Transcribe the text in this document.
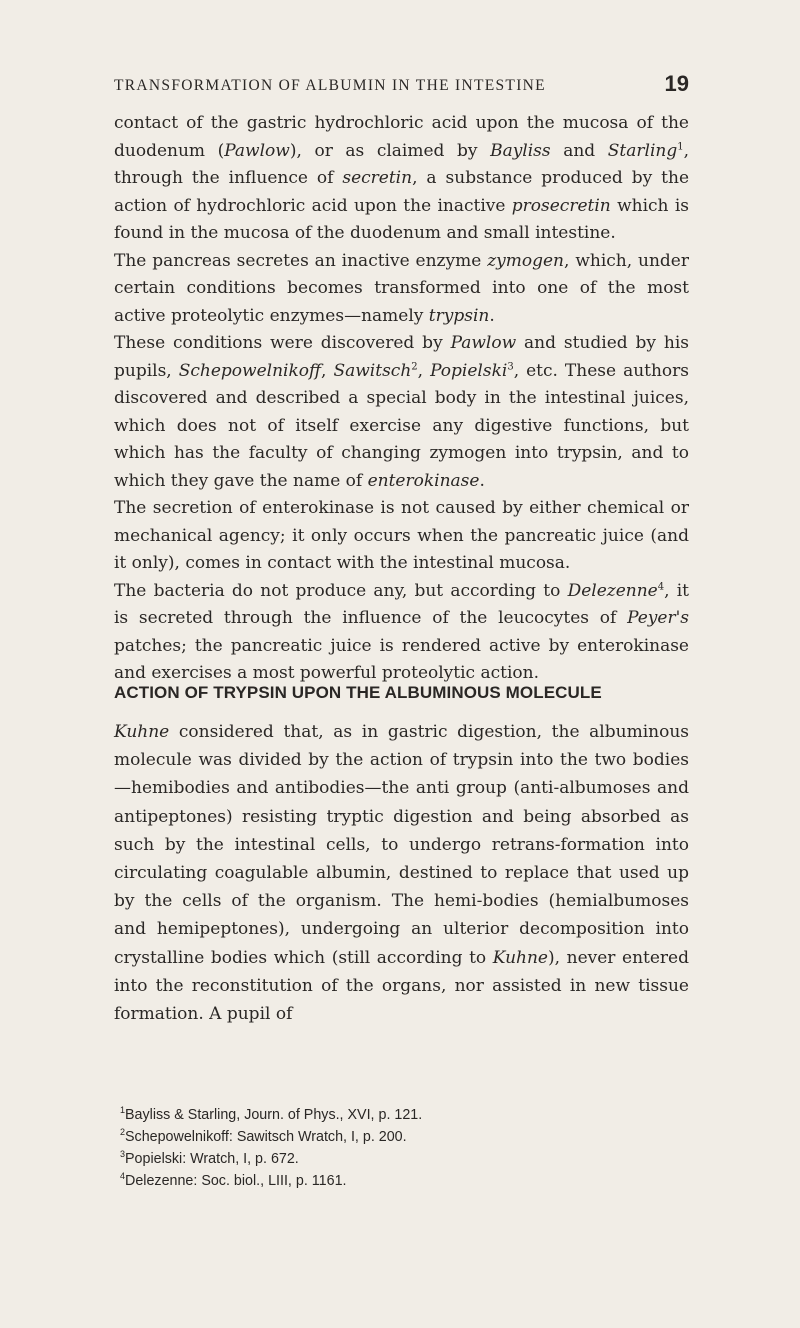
TRANSFORMATION OF ALBUMIN IN THE INTESTINE	19

contact of the gastric hydrochloric acid upon the mucosa of the duodenum (Pawlow), or as claimed by Bayliss and Starling$^1$, through the influence of secretin, a substance produced by the action of hydrochloric acid upon the inactive prosecretin which is found in the mucosa of the duodenum and small intestine.

The pancreas secretes an inactive enzyme zymogen, which, under certain conditions becomes transformed into one of the most active proteolytic enzymes—namely trypsin.

These conditions were discovered by Pawlow and studied by his pupils, Schepowelnikoff, Sawitsch$^2$, Popielski$^3$, etc. These authors discovered and described a special body in the intestinal juices, which does not of itself exercise any digestive functions, but which has the faculty of changing zymogen into trypsin, and to which they gave the name of enterokinase.

The secretion of enterokinase is not caused by either chemical or mechanical agency; it only occurs when the pancreatic juice (and it only), comes in contact with the intestinal mucosa.

The bacteria do not produce any, but according to Delezenne$^4$, it is secreted through the influence of the leucocytes of Peyer's patches; the pancreatic juice is rendered active by enterokinase and exercises a most powerful proteolytic action.

ACTION OF TRYPSIN UPON THE ALBUMINOUS MOLECULE

Kuhne considered that, as in gastric digestion, the albuminous molecule was divided by the action of trypsin into the two bodies—hemibodies and antibodies—the anti group (anti-albumoses and antipeptones) resisting tryptic digestion and being absorbed as such by the intestinal cells, to undergo retrans-formation into circulating coagulable albumin, destined to replace that used up by the cells of the organism. The hemi-bodies (hemialbumoses and hemipeptones), undergoing an ulterior decomposition into crystalline bodies which (still according to Kuhne), never entered into the reconstitution of the organs, nor assisted in new tissue formation. A pupil of

$^1$Bayliss & Starling, Journ. of Phys., XVI, p. 121.
$^2$Schepowelnikoff: Sawitsch Wratch, I, p. 200.
$^3$Popielski: Wratch, I, p. 672.
$^4$Delezenne: Soc. biol., LIII, p. 1161.
